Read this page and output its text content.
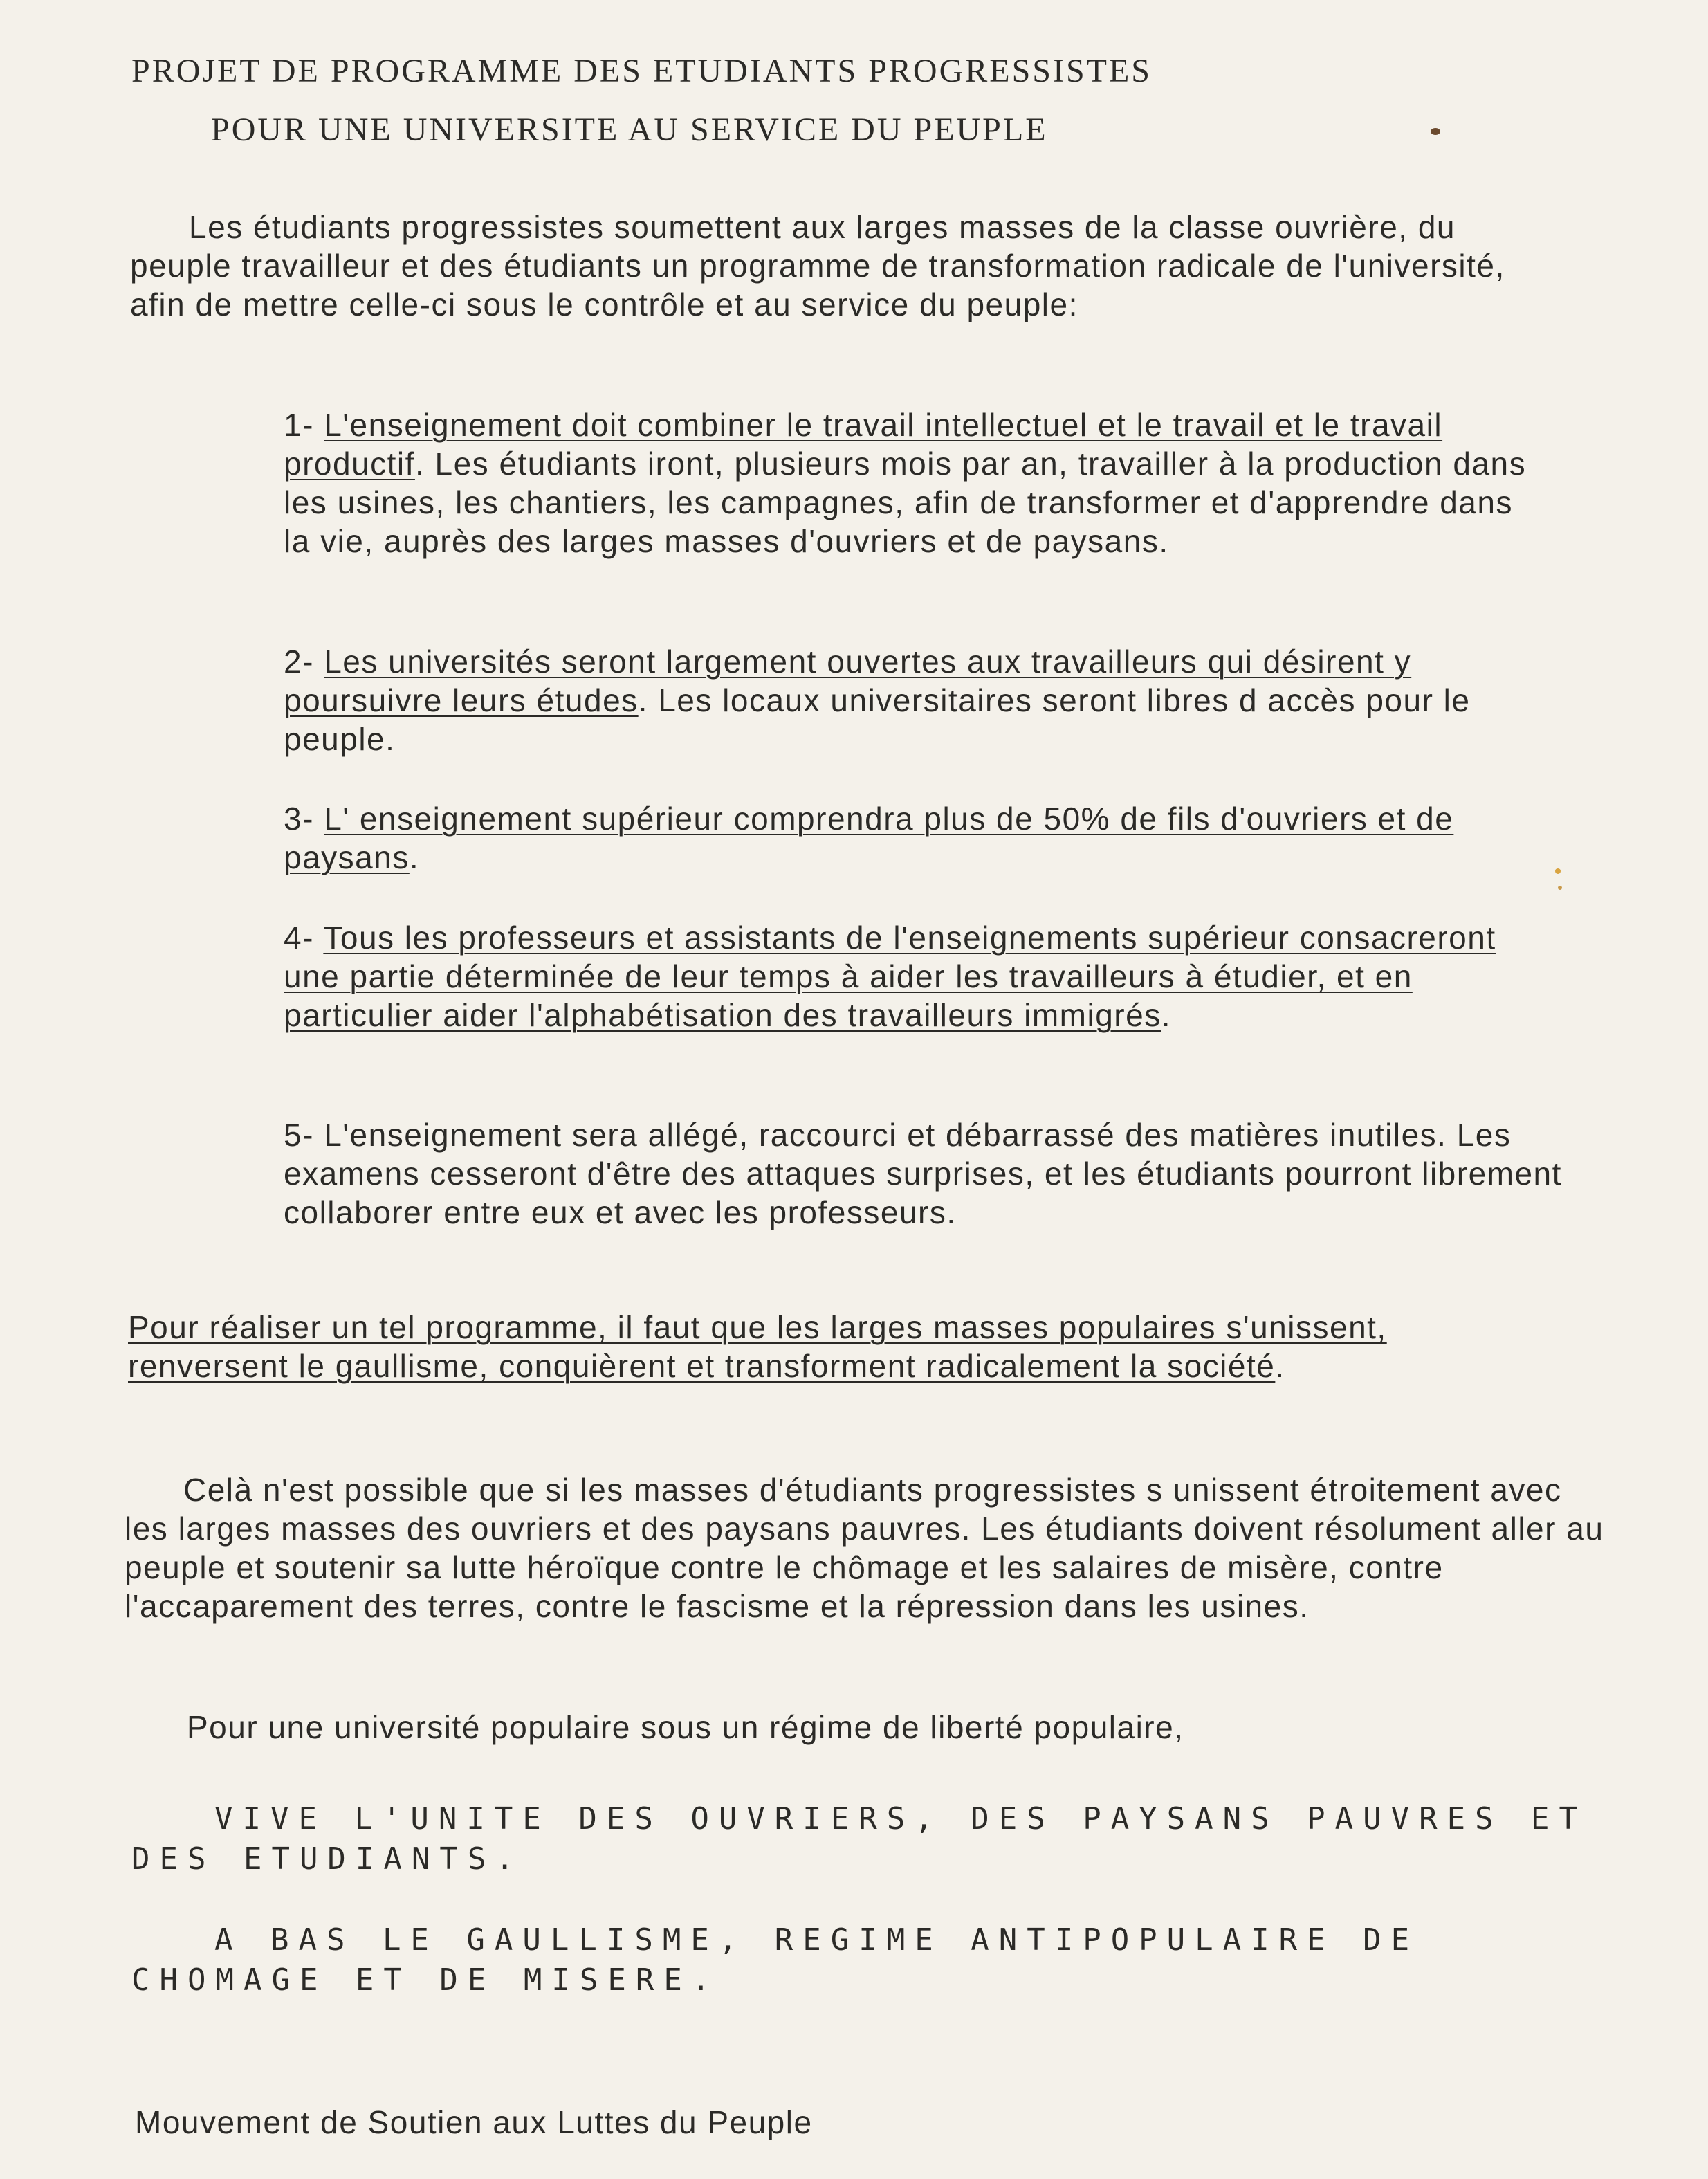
PROJET DE PROGRAMME DES ETUDIANTS PROGRESSISTES
POUR UNE UNIVERSITE AU SERVICE DU PEUPLE

Les étudiants progressistes soumettent aux larges masses de la classe ouvrière, du peuple travailleur et des étudiants un programme de transformation radicale de l'université, afin de mettre celle-ci sous le contrôle et au service du peuple:

1- L'enseignement doit combiner le travail intellectuel et le travail et le travail productif. Les étudiants iront, plusieurs mois par an, travailler à la production dans les usines, les chantiers, les campagnes, afin de transformer et d'apprendre dans la vie, auprès des larges masses d'ouvriers et de paysans.

2- Les universités seront largement ouvertes aux travailleurs qui désirent y poursuivre leurs études. Les locaux universitaires seront libres d accès pour le peuple.

3- L' enseignement supérieur comprendra plus de 50% de fils d'ouvriers et de paysans.

4- Tous les professeurs et assistants de l'enseignements supérieur consacreront une partie déterminée de leur temps à aider les travailleurs à étudier, et en particulier aider l'alphabétisation des travailleurs immigrés.

5- L'enseignement sera allégé, raccourci et débarrassé des matières inutiles. Les examens cesseront d'être des attaques surprises, et les étudiants pourront librement collaborer entre eux et avec les professeurs.

Pour réaliser un tel programme, il faut que les larges masses populaires s'unissent, renversent le gaullisme, conquièrent et transforment radicalement la société.

Celà n'est possible que si les masses d'étudiants progressistes s unissent étroitement avec les larges masses des ouvriers et des paysans pauvres. Les étudiants doivent résolument aller au peuple et soutenir sa lutte héroïque contre le chômage et les salaires de misère, contre l'accaparement des terres, contre le fascisme et la répression dans les usines.

Pour une université populaire sous un régime de liberté populaire,

VIVE L'UNITE DES OUVRIERS, DES PAYSANS PAUVRES ET DES ETUDIANTS.

A BAS LE GAULLISME, REGIME ANTIPOPULAIRE DE CHOMAGE ET DE MISERE.

Mouvement de Soutien aux Luttes du Peuple
